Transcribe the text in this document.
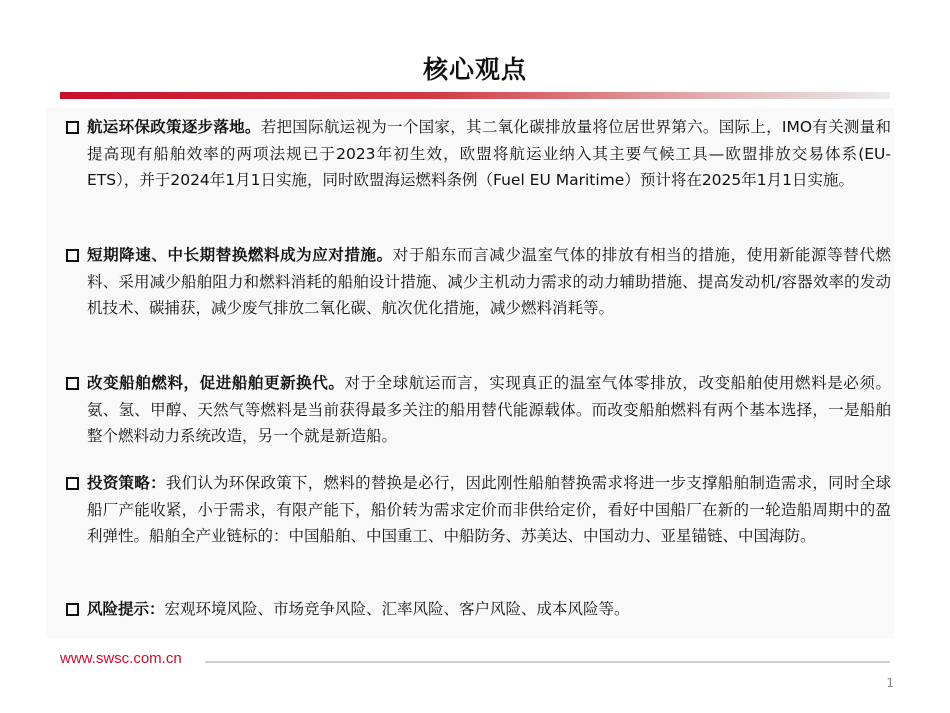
核心观点
航运环保政策逐步落地。若把国际航运视为一个国家，其二氧化碳排放量将位居世界第六。国际上，IMO有关测量和提高现有船舶效率的两项法规已于2023年初生效，欧盟将航运业纳入其主要气候工具—欧盟排放交易体系(EU-ETS），并于2024年1月1日实施，同时欧盟海运燃料条例（Fuel EU Maritime）预计将在2025年1月1日实施。
短期降速、中长期替换燃料成为应对措施。对于船东而言减少温室气体的排放有相当的措施，使用新能源等替代燃料、采用减少船舶阻力和燃料消耗的船舶设计措施、减少主机动力需求的动力辅助措施、提高发动机/容器效率的发动机技术、碳捕获，减少废气排放二氧化碳、航次优化措施，减少燃料消耗等。
改变船舶燃料，促进船舶更新换代。对于全球航运而言，实现真正的温室气体零排放，改变船舶使用燃料是必须。氨、氢、甲醇、天然气等燃料是当前获得最多关注的船用替代能源载体。而改变船舶燃料有两个基本选择，一是船舶整个燃料动力系统改造，另一个就是新造船。
投资策略：我们认为环保政策下，燃料的替换是必行，因此刚性船舶替换需求将进一步支撑船舶制造需求，同时全球船厂产能收紧，小于需求，有限产能下，船价转为需求定价而非供给定价，看好中国船厂在新的一轮造船周期中的盈利弹性。船舶全产业链标的：中国船舶、中国重工、中船防务、苏美达、中国动力、亚星锚链、中国海防。
风险提示：宏观环境风险、市场竞争风险、汇率风险、客户风险、成本风险等。
www.swsc.com.cn
1
